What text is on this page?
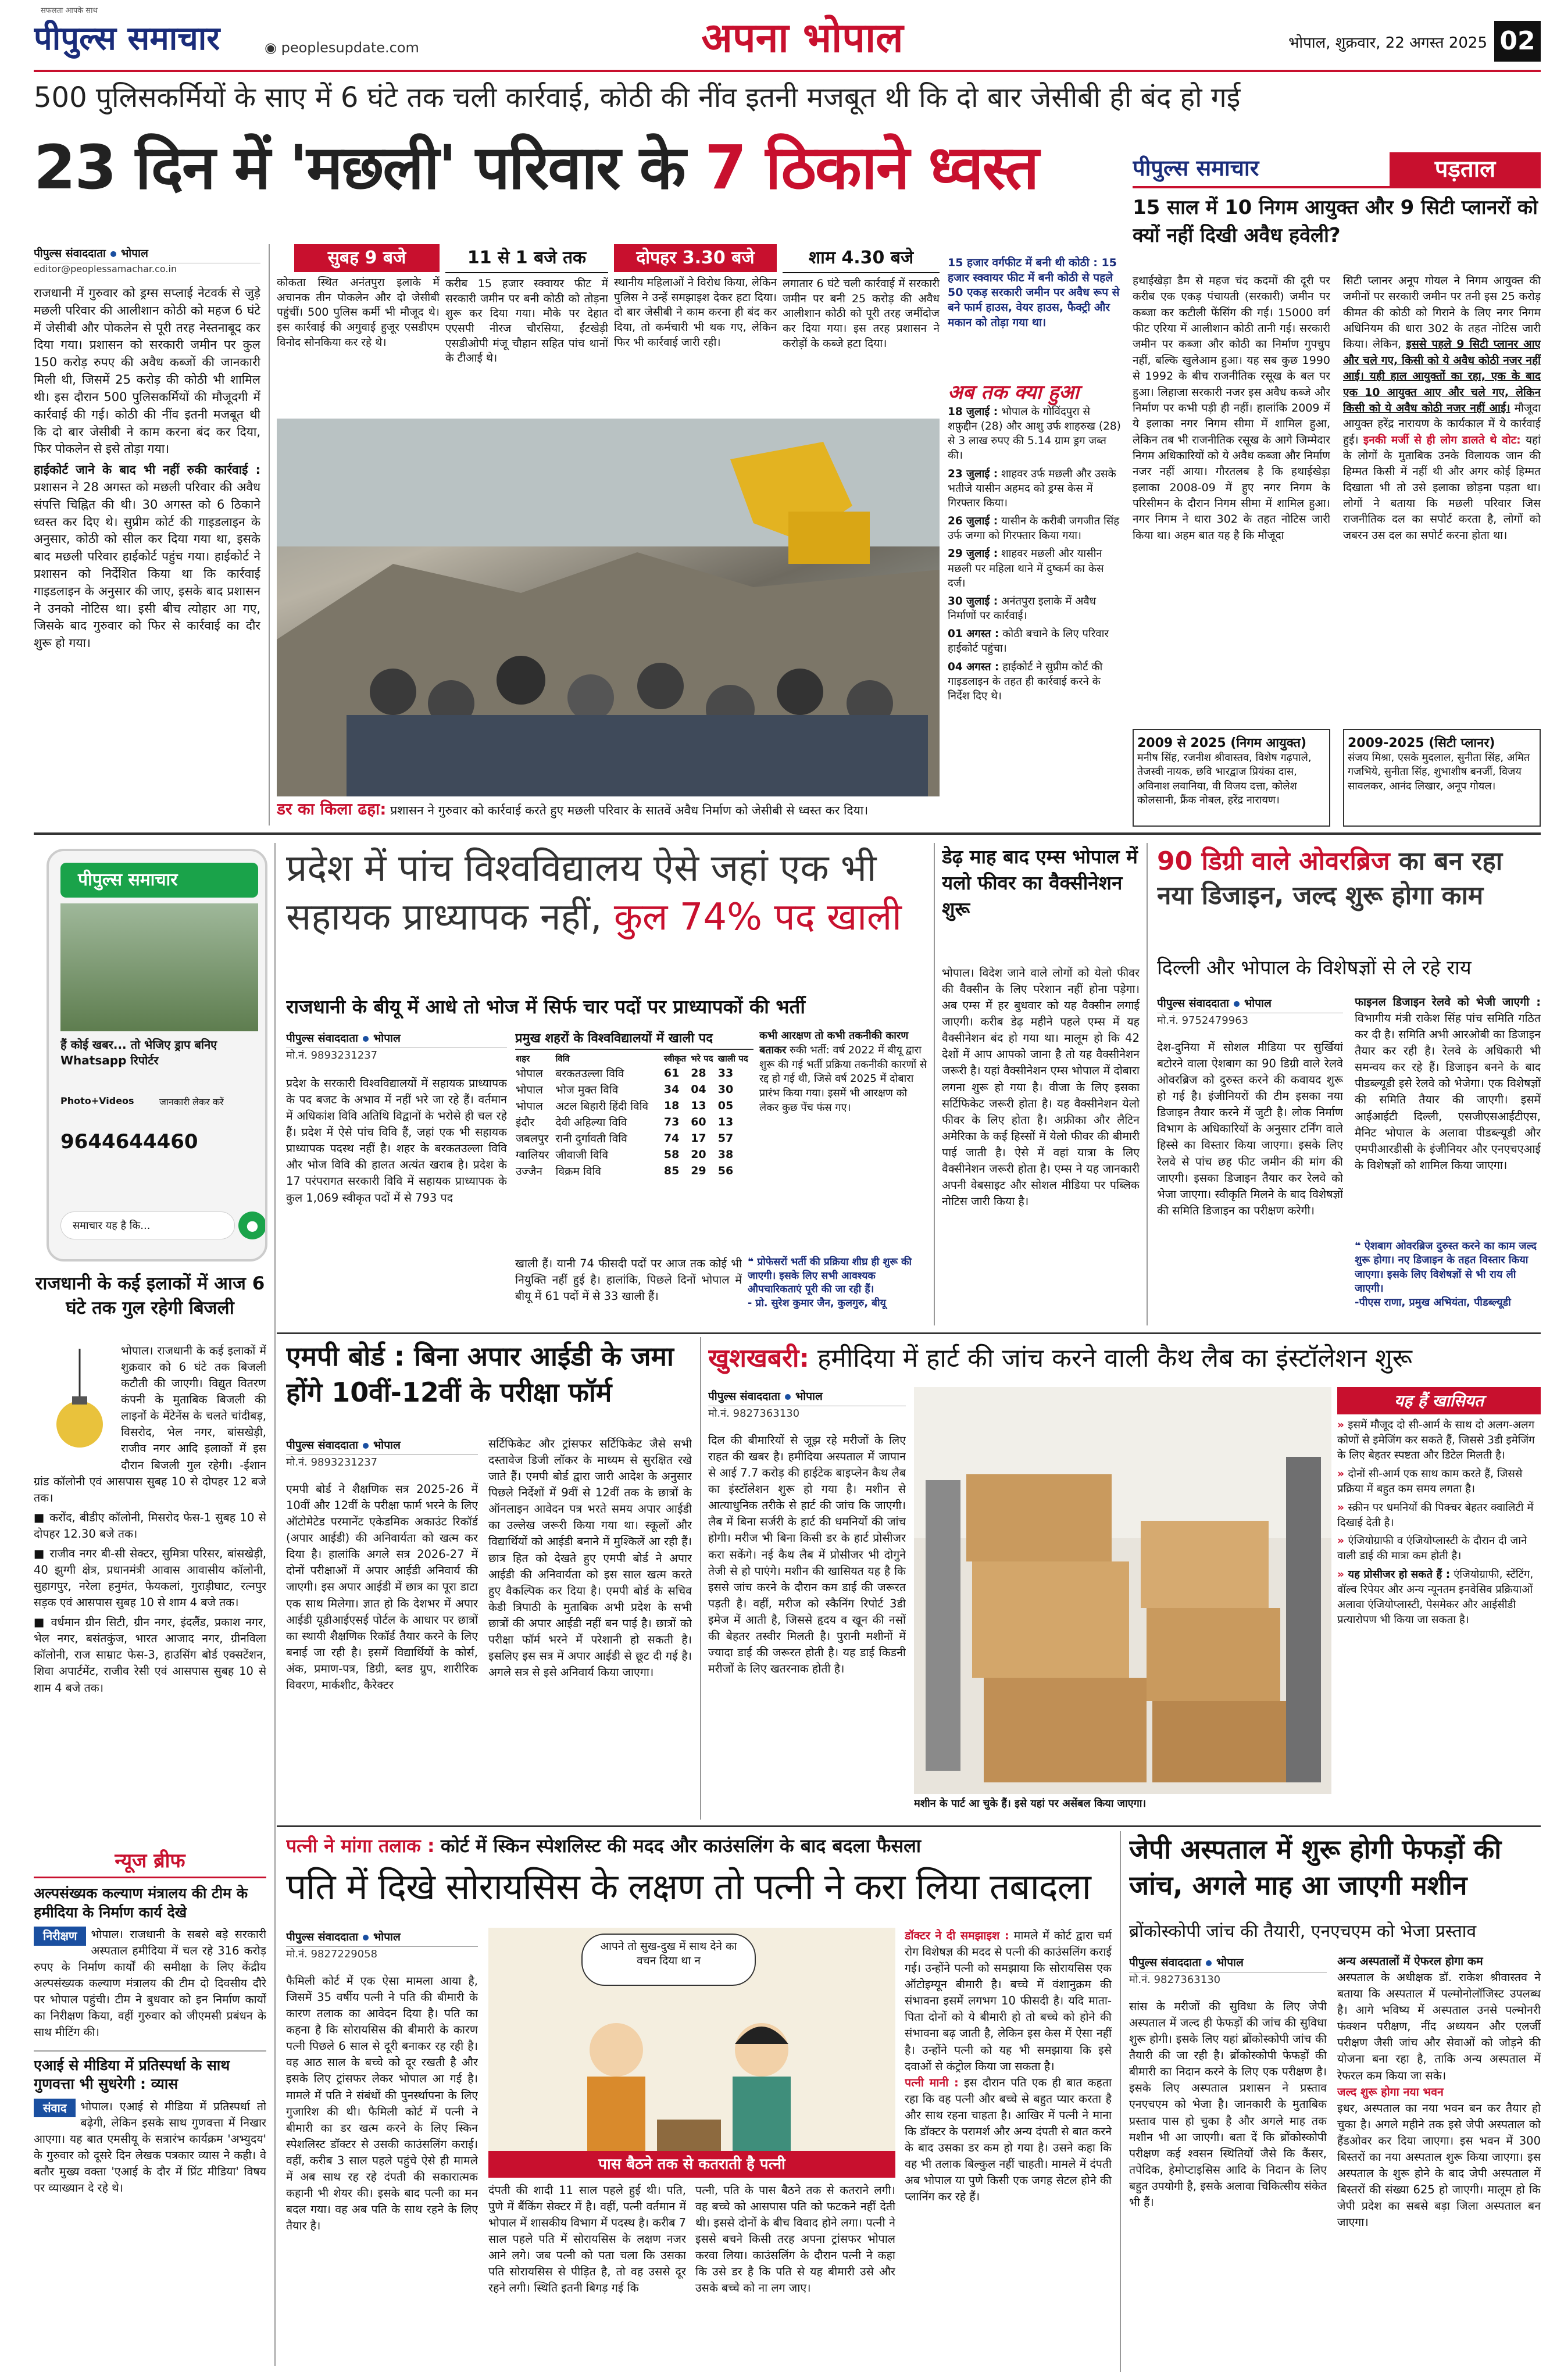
सफलता आपके साथ
पीपुल्स समाचार	◉ peoplesupdate.com	अपना भोपाल	भोपाल, शुक्रवार, 22 अगस्त 2025 02
500 पुलिसकर्मियों के साए में 6 घंटे तक चली कार्रवाई, कोठी की नींव इतनी मजबूत थी कि दो बार जेसीबी ही बंद हो गई
23 दिन में 'मछली' परिवार के 7 ठिकाने ध्वस्त
पीपुल्स संवाददाता भोपाल
editor@peoplessamachar.co.in

राजधानी में गुरुवार को ड्रग्स सप्लाई नेटवर्क से जुड़े मछली परिवार की आलीशान कोठी को महज 6 घंटे में जेसीबी और पोकलेन से पूरी तरह नेस्तनाबूद कर दिया गया। प्रशासन को सरकारी जमीन पर कुल 150 करोड़ रुपए की अवैध कब्जों की जानकारी मिली थी, जिसमें 25 करोड़ की कोठी भी शामिल थी। इस दौरान 500 पुलिसकर्मियों की मौजूदगी में कार्रवाई की गई। कोठी की नींव इतनी मजबूत थी कि दो बार जेसीबी ने काम करना बंद कर दिया, फिर पोकलेन से इसे तोड़ा गया।

हाईकोर्ट जाने के बाद भी नहीं रुकी कार्रवाई : प्रशासन ने 28 अगस्त को मछली परिवार की अवैध संपत्ति चिह्नित की थी। 30 अगस्त को 6 ठिकाने ध्वस्त कर दिए थे। सुप्रीम कोर्ट की गाइडलाइन के अनुसार, कोठी को सील कर दिया गया था, इसके बाद मछली परिवार हाईकोर्ट पहुंच गया। हाईकोर्ट ने प्रशासन को निर्देशित किया था कि कार्रवाई गाइडलाइन के अनुसार की जाए, इसके बाद प्रशासन ने उनको नोटिस था। इसी बीच त्योहार आ गए, जिसके बाद गुरुवार को फिर से कार्रवाई का दौर शुरू हो गया।

सुबह 9 बजे
कोकता स्थित अनंतपुरा इलाके में अचानक तीन पोकलेन और दो जेसीबी पहुंचीं। 500 पुलिस कर्मी भी मौजूद थे। इस कार्रवाई की अगुवाई हुजूर एसडीएम विनोद सोनकिया कर रहे थे।
11 से 1 बजे तक
करीब 15 हजार स्क्वायर फीट में सरकारी जमीन पर बनी कोठी को तोड़ना शुरू कर दिया गया। मौके पर देहात एएसपी नीरज चौरसिया, ईंटखेड़ी एसडीओपी मंजू चौहान सहित पांच थानों के टीआई थे।
दोपहर 3.30 बजे
स्थानीय महिलाओं ने विरोध किया, लेकिन पुलिस ने उन्हें समझाइश देकर हटा दिया। दो बार जेसीबी ने काम करना ही बंद कर दिया, तो कर्मचारी भी थक गए, लेकिन फिर भी कार्रवाई जारी रही।
शाम 4.30 बजे
लगातार 6 घंटे चली कार्रवाई में सरकारी जमीन पर बनी 25 करोड़ की अवैध आलीशान कोठी को पूरी तरह जमींदोज कर दिया गया। इस तरह प्रशासन ने करोड़ों के कब्जे हटा दिया।
15 हजार वर्गफीट में बनी थी कोठी : 15 हजार स्क्वायर फीट में बनी कोठी से पहले 50 एकड़ सरकारी जमीन पर अवैध रूप से बने फार्म हाउस, वेयर हाउस, फैक्ट्री और मकान को तोड़ा गया था।
अब तक क्या हुआ

18 जुलाई : भोपाल के गोविंदपुरा से शफ़ुद्दीन (28) और आशु उर्फ शाहरुख (28) से 3 लाख रुपए की 5.14 ग्राम ड्रग जब्त की।

23 जुलाई : शाहवर उर्फ मछली और उसके भतीजे यासीन अहमद को ड्रग्स केस में गिरफ्तार किया।

26 जुलाई : यासीन के करीबी जगजीत सिंह उर्फ जग्गा को गिरफ्तार किया गया।

29 जुलाई : शाहवर मछली और यासीन मछली पर महिला थाने में दुष्कर्म का केस दर्ज।

30 जुलाई : अनंतपुरा इलाके में अवैध निर्माणों पर कार्रवाई।

01 अगस्त : कोठी बचाने के लिए परिवार हाईकोर्ट पहुंचा।

04 अगस्त : हाईकोर्ट ने सुप्रीम कोर्ट की गाइडलाइन के तहत ही कार्रवाई करने के निर्देश दिए थे।

डर का किला ढहा: प्रशासन ने गुरुवार को कार्रवाई करते हुए मछली परिवार के सातवें अवैध निर्माण को जेसीबी से ध्वस्त कर दिया।
पीपुल्स समाचार	पड़ताल
15 साल में 10 निगम आयुक्त और 9 सिटी प्लानरों को क्यों नहीं दिखी अवैध हवेली?
हथाईखेड़ा डैम से महज चंद कदमों की दूरी पर करीब एक एकड़ पंचायती (सरकारी) जमीन पर कब्जा कर कटीली फेंसिंग की गई। 15000 वर्ग फीट एरिया में आलीशान कोठी तानी गई। सरकारी जमीन पर कब्जा और कोठी का निर्माण गुपचुप नहीं, बल्कि खुलेआम हुआ। यह सब कुछ 1990 से 1992 के बीच राजनीतिक रसूख के बल पर हुआ। लिहाजा सरकारी नजर इस अवैध कब्जे और निर्माण पर कभी पड़ी ही नहीं। हालांकि 2009 में ये इलाका नगर निगम सीमा में शामिल हुआ, लेकिन तब भी राजनीतिक रसूख के आगे जिम्मेदार निगम अधिकारियों को ये अवैध कब्जा और निर्माण नजर नहीं आया। गौरतलब है कि हथाईखेड़ा इलाका 2008-09 में हुए नगर निगम के परिसीमन के दौरान निगम सीमा में शामिल हुआ। नगर निगम ने धारा 302 के तहत नोटिस जारी किया था। अहम बात यह है कि मौजूदा
सिटी प्लानर अनूप गोयल ने निगम आयुक्त की जमीनों पर सरकारी जमीन पर तनी इस 25 करोड़ कीमत की कोठी को गिराने के लिए नगर निगम अधिनियम की धारा 302 के तहत नोटिस जारी किया। लेकिन, इससे पहले 9 सिटी प्लानर आए और चले गए, किसी को ये अवैध कोठी नजर नहीं आई। यही हाल आयुक्तों का रहा, एक के बाद एक 10 आयुक्त आए और चले गए, लेकिन किसी को ये अवैध कोठी नजर नहीं आई। मौजूदा आयुक्त हरेंद्र नारायण के कार्यकाल में ये कार्रवाई हुई। इनकी मर्जी से ही लोग डालते थे वोट: यहां के लोगों के मुताबिक उनके विलायक जान की हिम्मत किसी में नहीं थी और अगर कोई हिम्मत दिखाता भी तो उसे इलाका छोड़ना पड़ता था। लोगों ने बताया कि मछली परिवार जिस राजनीतिक दल का सपोर्ट करता है, लोगों को जबरन उस दल का सपोर्ट करना होता था।
2009 से 2025 (निगम आयुक्त)
मनीष सिंह, रजनीश श्रीवास्तव, विशेष गढ़पाले, तेजस्वी नायक, छवि भारद्वाज प्रियंका दास, अविनाश लवानिया, वी विजय दत्ता, कोलेश कोलसानी, फ्रैंक नोबल, हरेंद्र नारायण।
2009-2025 (सिटी प्लानर)
संजय मिश्रा, एसके मुदलाल, सुनीता सिंह, अमित गजभिये, सुनीता सिंह, शुभाशीष बनर्जी, विजय सावलकर, आनंद लिखार, अनूप गोयल।
पीपुल्स समाचार
हैं कोई खबर... तो भेजिए ड्राप बनिए Whatsapp रिपोर्टर
Photo+Videos	जानकारी लेकर करें
9644644460
समाचार यह है कि...	●
राजधानी के कई इलाकों में आज 6 घंटे तक गुल रहेगी बिजली

भोपाल। राजधानी के कई इलाकों में शुक्रवार को 6 घंटे तक बिजली कटौती की जाएगी। विद्युत वितरण कंपनी के मुताबिक बिजली की लाइनों के मेंटेनेंस के चलते चांदीबड़, विसरोद, भेल नगर, बांसखेड़ी, राजीव नगर आदि इलाकों में इस दौरान बिजली गुल रहेगी। -ईशान ग्रांड कॉलोनी एवं आसपास सुबह 10 से दोपहर 12 बजे तक।

■ करोंद, बीडीए कॉलोनी, मिसरोद फेस-1 सुबह 10 से दोपहर 12.30 बजे तक।

■ राजीव नगर बी-सी सेक्टर, सुमित्रा परिसर, बांसखेड़ी, 40 झुग्गी क्षेत्र, प्रधानमंत्री आवास आवासीय कॉलोनी, सुहागपुर, नरेला हनुमंत, फेयकलां, गुराड़ीघाट, रत्नपुर सड़क एवं आसपास सुबह 10 से शाम 4 बजे तक।

■ वर्धमान ग्रीन सिटी, ग्रीन नगर, इंदलैंड, प्रकाश नगर, भेल नगर, बसंतकुंज, भारत आजाद नगर, ग्रीनविला कॉलोनी, राज साम्राट फेस-3, हाउसिंग बोर्ड एक्सटेंशन, शिवा अपार्टमेंट, राजीव रेसी एवं आसपास सुबह 10 से शाम 4 बजे तक।

न्यूज ब्रीफ
अल्पसंख्यक कल्याण मंत्रालय की टीम के हमीदिया के निर्माण कार्य देखे
निरीक्षण	भोपाल। राजधानी के सबसे बड़े सरकारी अस्पताल हमीदिया में चल रहे 316 करोड़ रुपए के निर्माण कार्यों की समीक्षा के लिए केंद्रीय अल्पसंख्यक कल्याण मंत्रालय की टीम दो दिवसीय दौरे पर भोपाल पहुंची। टीम ने बुधवार को इन निर्माण कार्यों का निरीक्षण किया, वहीं गुरुवार को जीएमसी प्रबंधन के साथ मीटिंग की।
एआई से मीडिया में प्रतिस्पर्धा के साथ गुणवत्ता भी सुधरेगी : व्यास
संवाद	भोपाल। एआई से मीडिया में प्रतिस्पर्धा तो बढ़ेगी, लेकिन इसके साथ गुणवत्ता में निखार आएगा। यह बात एमसीयू के सत्रारंभ कार्यक्रम 'अभ्युदय' के गुरुवार को दूसरे दिन लेखक पत्रकार व्यास ने कही। वे बतौर मुख्य वक्ता 'एआई के दौर में प्रिंट मीडिया' विषय पर व्याख्यान दे रहे थे।
प्रदेश में पांच विश्वविद्यालय ऐसे जहां एक भी सहायक प्राध्यापक नहीं, कुल 74% पद खाली
राजधानी के बीयू में आधे तो भोज में सिर्फ चार पदों पर प्राध्यापकों की भर्ती
पीपुल्स संवाददाता भोपाल
मो.नं. 9893231237
प्रदेश के सरकारी विश्वविद्यालयों में सहायक प्राध्यापक के पद बजट के अभाव में नहीं भरे जा रहे हैं। वर्तमान में अधिकांश विवि अतिथि विद्वानों के भरोसे ही चल रहे हैं। प्रदेश में ऐसे पांच विवि हैं, जहां एक भी सहायक प्राध्यापक पदस्थ नहीं है। शहर के बरकतउल्ला विवि और भोज विवि की हालत अत्यंत खराब है। प्रदेश के 17 परंपरागत सरकारी विवि में सहायक प्राध्यापक के कुल 1,069 स्वीकृत पदों में से 793 पद
प्रमुख शहरों के विश्वविद्यालयों में खाली पद
शहर	विवि	स्वीकृत	भरे पद	खाली पद
भोपाल	बरकतउल्ला विवि	61	28	33
भोपाल	भोज मुक्त विवि	34	04	30
भोपाल	अटल बिहारी हिंदी विवि	18	13	05
इंदौर	देवी अहिल्या विवि	73	60	13
जबलपुर	रानी दुर्गावती विवि	74	17	57
ग्वालियर	जीवाजी विवि	58	20	38
उज्जैन	विक्रम विवि	85	29	56
कभी आरक्षण तो कभी तकनीकी कारण बताकर रुकी भर्ती: वर्ष 2022 में बीयू द्वारा शुरू की गई भर्ती प्रक्रिया तकनीकी कारणों से रद्द हो गई थी, जिसे वर्ष 2025 में दोबारा प्रारंभ किया गया। इसमें भी आरक्षण को लेकर कुछ पेंच फंस गए।
खाली हैं। यानी 74 फीसदी पदों पर आज तक कोई भी नियुक्ति नहीं हुई है। हालांकि, पिछले दिनों भोपाल में बीयू में 61 पदों में से 33 खाली हैं।
❝ प्रोफेसरों भर्ती की प्रक्रिया शीघ्र ही शुरू की जाएगी। इसके लिए सभी आवश्यक औपचारिकताएं पूरी की जा रही हैं।
- प्रो. सुरेश कुमार जैन, कुलगुरु, बीयू
डेढ़ माह बाद एम्स भोपाल में यलो फीवर का वैक्सीनेशन शुरू
भोपाल। विदेश जाने वाले लोगों को येलो फीवर की वैक्सीन के लिए परेशान नहीं होना पड़ेगा। अब एम्स में हर बुधवार को यह वैक्सीन लगाई जाएगी। करीब डेढ़ महीने पहले एम्स में यह वैक्सीनेशन बंद हो गया था। मालूम हो कि 42 देशों में आप आपको जाना है तो यह वैक्सीनेशन जरूरी है। यहां वैक्सीनेशन एम्स भोपाल में दोबारा लगना शुरू हो गया है। वीजा के लिए इसका सर्टिफिकेट जरूरी होता है। यह वैक्सीनेशन येलो फीवर के लिए होता है। अफ्रीका और लैटिन अमेरिका के कई हिस्सों में येलो फीवर की बीमारी पाई जाती है। ऐसे में वहां यात्रा के लिए वैक्सीनेशन जरूरी होता है। एम्स ने यह जानकारी अपनी वेबसाइट और सोशल मीडिया पर पब्लिक नोटिस जारी किया है।
90 डिग्री वाले ओवरब्रिज का बन रहा नया डिजाइन, जल्द शुरू होगा काम
दिल्ली और भोपाल के विशेषज्ञों से ले रहे राय
पीपुल्स संवाददाता भोपाल
मो.नं. 9752479963
देश-दुनिया में सोशल मीडिया पर सुर्खियां बटोरने वाला ऐशबाग का 90 डिग्री वाले रेलवे ओवरब्रिज को दुरुस्त करने की कवायद शुरू हो गई है। इंजीनियरों की टीम इसका नया डिजाइन तैयार करने में जुटी है। लोक निर्माण विभाग के अधिकारियों के अनुसार टर्निंग वाले हिस्से का विस्तार किया जाएगा। इसके लिए रेलवे से पांच छह फीट जमीन की मांग की जाएगी। इसका डिजाइन तैयार कर रेलवे को भेजा जाएगा। स्वीकृति मिलने के बाद विशेषज्ञों की समिति डिजाइन का परीक्षण करेगी।
फाइनल डिजाइन रेलवे को भेजी जाएगी : विभागीय मंत्री राकेश सिंह पांच समिति गठित कर दी है। समिति अभी आरओबी का डिजाइन तैयार कर रही है। रेलवे के अधिकारी भी समन्वय कर रहे हैं। डिजाइन बनने के बाद पीडब्ल्यूडी इसे रेलवे को भेजेगा। एक विशेषज्ञों की समिति तैयार की जाएगी। इसमें आईआईटी दिल्ली, एसजीएसआईटीएस, मैनिट भोपाल के अलावा पीडब्ल्यूडी और एमपीआरडीसी के इंजीनियर और एनएचएआई के विशेषज्ञों को शामिल किया जाएगा।
❝ ऐशबाग ओवरब्रिज दुरुस्त करने का काम जल्द शुरू होगा। नए डिजाइन के तहत विस्तार किया जाएगा। इसके लिए विशेषज्ञों से भी राय ली जाएगी।
-पीएस राणा, प्रमुख अभियंता, पीडब्ल्यूडी
एमपी बोर्ड : बिना अपार आईडी के जमा होंगे 10वीं-12वीं के परीक्षा फॉर्म
पीपुल्स संवाददाता भोपाल
मो.नं. 9893231237
एमपी बोर्ड ने शैक्षणिक सत्र 2025-26 में 10वीं और 12वीं के परीक्षा फार्म भरने के लिए ऑटोमेटेड परमानेंट एकेडमिक अकाउंट रिकॉर्ड (अपार आईडी) की अनिवार्यता को खत्म कर दिया है। हालांकि अगले सत्र 2026-27 में दोनों परीक्षाओं में अपार आईडी अनिवार्य की जाएगी। इस अपार आईडी में छात्र का पूरा डाटा एक साथ मिलेगा। ज्ञात हो कि देशभर में अपार आईडी यूडीआईएसई पोर्टल के आधार पर छात्रों का स्थायी शैक्षणिक रिकॉर्ड तैयार करने के लिए बनाई जा रही है। इसमें विद्यार्थियों के कोर्स, अंक, प्रमाण-पत्र, डिग्री, ब्लड ग्रुप, शारीरिक विवरण, मार्कशीट, कैरेक्टर
सर्टिफिकेट और ट्रांसफर सर्टिफिकेट जैसे सभी दस्तावेज डिजी लॉकर के माध्यम से सुरक्षित रखे जाते हैं। एमपी बोर्ड द्वारा जारी आदेश के अनुसार पिछले निर्देशों में 9वीं से 12वीं तक के छात्रों के ऑनलाइन आवेदन पत्र भरते समय अपार आईडी का उल्लेख जरूरी किया गया था। स्कूलों और विद्यार्थियों को आईडी बनाने में मुश्किलें आ रही हैं। छात्र हित को देखते हुए एमपी बोर्ड ने अपार आईडी की अनिवार्यता को इस साल खत्म करते हुए वैकल्पिक कर दिया है। एमपी बोर्ड के सचिव केडी त्रिपाठी के मुताबिक अभी प्रदेश के सभी छात्रों की अपार आईडी नहीं बन पाई है। छात्रों को परीक्षा फॉर्म भरने में परेशानी हो सकती है। इसलिए इस सत्र में अपार आईडी से छूट दी गई है। अगले सत्र से इसे अनिवार्य किया जाएगा।
खुशखबरी: हमीदिया में हार्ट की जांच करने वाली कैथ लैब का इंस्टॉलेशन शुरू
पीपुल्स संवाददाता भोपाल
मो.नं. 9827363130
दिल की बीमारियों से जूझ रहे मरीजों के लिए राहत की खबर है। हमीदिया अस्पताल में जापान से आई 7.7 करोड़ की हाईटेक बाइप्लेन कैथ लैब का इंस्टॉलेशन शुरू हो गया है। मशीन से आत्याधुनिक तरीके से हार्ट की जांच कि जाएगी। लैब में बिना सर्जरी के हार्ट की धमनियों की जांच होगी। मरीज भी बिना किसी डर के हार्ट प्रोसीजर करा सकेंगे। नई कैथ लैब में प्रोसीजर भी दोगुने तेजी से हो पाएंगे। मशीन की खासियत यह है कि इससे जांच करने के दौरान कम डाई की जरूरत पड़ती है। वहीं, मरीज को स्कैनिंग रिपोर्ट 3डी इमेज में आती है, जिससे हृदय व खून की नसों की बेहतर तस्वीर मिलती है। पुरानी मशीनों में ज्यादा डाई की जरूरत होती है। यह डाई किडनी मरीजों के लिए खतरनाक होती है।
मशीन के पार्ट आ चुके हैं। इसे यहां पर असेंबल किया जाएगा।
यह हैं खासियत

» इसमें मौजूद दो सी-आर्म के साथ दो अलग-अलग कोणों से इमेजिंग कर सकते हैं, जिससे 3डी इमेजिंग के लिए बेहतर स्पष्टता और डिटेल मिलती है।

» दोनों सी-आर्म एक साथ काम करते हैं, जिससे प्रक्रिया में बहुत कम समय लगता है।

» स्क्रीन पर धमनियों की पिक्चर बेहतर क्वालिटी में दिखाई देती है।

» एंजियोग्राफी व एंजियोप्लास्टी के दौरान दी जाने वाली डाई की मात्रा कम होती है।

» यह प्रोसीजर हो सकते हैं : एंजियोग्राफी, स्टेंटिंग, वॉल्व रिपेयर और अन्य न्यूनतम इनवेसिव प्रक्रियाओं अलावा एंजियोप्लास्टी, पेसमेकर और आईसीडी प्रत्यारोपण भी किया जा सकता है।

पत्नी ने मांगा तलाक : कोर्ट में स्किन स्पेशलिस्ट की मदद और काउंसलिंग के बाद बदला फैसला
पति में दिखे सोरायसिस के लक्षण तो पत्नी ने करा लिया तबादला
पीपुल्स संवाददाता भोपाल
मो.नं. 9827229058
फैमिली कोर्ट में एक ऐसा मामला आया है, जिसमें 35 वर्षीय पत्नी ने पति की बीमारी के कारण तलाक का आवेदन दिया है। पति का कहना है कि सोरायसिस की बीमारी के कारण पत्नी पिछले 6 साल से दूरी बनाकर रह रही है। वह आठ साल के बच्चे को दूर रखती है और इसके लिए ट्रांसफर लेकर भोपाल आ गई है। मामले में पति ने संबंधों की पुनर्स्थापना के लिए गुजारिश की थी। फैमिली कोर्ट में पत्नी ने बीमारी का डर खत्म करने के लिए स्किन स्पेशलिस्ट डॉक्टर से उसकी काउंसलिंग कराई। वहीं, करीब 3 साल पहले पहुंचे ऐसे ही मामले में अब साथ रह रहे दंपती की सकारात्मक कहानी भी शेयर की। इसके बाद पत्नी का मन बदल गया। वह अब पति के साथ रहने के लिए तैयार है।
आपने तो सुख-दुख में साथ देने का वचन दिया था न
पास बैठने तक से कतराती है पत्नी
दंपती की शादी 11 साल पहले हुई थी। पति, पुणे में बैंकिंग सेक्टर में है। वहीं, पत्नी वर्तमान में भोपाल में शासकीय विभाग में पदस्थ है। करीब 7 साल पहले पति में सोरायसिस के लक्षण नजर आने लगे। जब पत्नी को पता चला कि उसका पति सोरायसिस से पीड़ित है, तो वह उससे दूर रहने लगी। स्थिति इतनी बिगड़ गई कि
पत्नी, पति के पास बैठने तक से कतराने लगी। वह बच्चे को आसपास पति को फटकने नहीं देती थी। इससे दोनों के बीच विवाद होने लगा। पत्नी ने इससे बचने किसी तरह अपना ट्रांसफर भोपाल करवा लिया। काउंसलिंग के दौरान पत्नी ने कहा कि उसे डर है कि पति से यह बीमारी उसे और उसके बच्चे को ना लग जाए।
डॉक्टर ने दी समझाइश : मामले में कोर्ट द्वारा चर्म रोग विशेषज्ञ की मदद से पत्नी की काउंसलिंग कराई गई। उन्होंने पत्नी को समझाया कि सोरायसिस एक ऑटोइम्यून बीमारी है। बच्चे में वंशानुक्रम की संभावना इसमें लगभग 10 फीसदी है। यदि माता-पिता दोनों को ये बीमारी हो तो बच्चे को होने की संभावना बढ़ जाती है, लेकिन इस केस में ऐसा नहीं है। उन्होंने पत्नी को यह भी समझाया कि इसे दवाओं से कंट्रोल किया जा सकता है।
पत्नी मानी : इस दौरान पति एक ही बात कहता रहा कि वह पत्नी और बच्चे से बहुत प्यार करता है और साथ रहना चाहता है। आखिर में पत्नी ने माना कि डॉक्टर के परामर्श और अन्य दंपती से बात करने के बाद उसका डर कम हो गया है। उसने कहा कि वह भी तलाक बिल्कुल नहीं चाहती। मामले में दंपती अब भोपाल या पुणे किसी एक जगह सेटल होने की प्लानिंग कर रहे हैं।
जेपी अस्पताल में शुरू होगी फेफड़ों की जांच, अगले माह आ जाएगी मशीन
ब्रोंकोस्कोपी जांच की तैयारी, एनएचएम को भेजा प्रस्ताव
पीपुल्स संवाददाता भोपाल
मो.नं. 9827363130
सांस के मरीजों की सुविधा के लिए जेपी अस्पताल में जल्द ही फेफड़ों की जांच की सुविधा शुरू होगी। इसके लिए यहां ब्रोंकोस्कोपी जांच की तैयारी की जा रही है। ब्रोंकोस्कोपी फेफड़ों की बीमारी का निदान करने के लिए एक परीक्षण है। इसके लिए अस्पताल प्रशासन ने प्रस्ताव एनएचएम को भेजा है। जानकारी के मुताबिक प्रस्ताव पास हो चुका है और अगले माह तक मशीन भी आ जाएगी। बता दें कि ब्रोंकोस्कोपी परीक्षण कई श्वसन स्थितियों जैसे कि कैंसर, तपेदिक, हेमोप्टाइसिस आदि के निदान के लिए बहुत उपयोगी है, इसके अलावा चिकित्सीय संकेत भी हैं।
अन्य अस्पतालों में ऐफरल होगा कम
अस्पताल के अधीक्षक डॉ. राकेश श्रीवास्तव ने बताया कि अस्पताल में पल्मोनोलॉजिस्ट उपलब्ध है। आगे भविष्य में अस्पताल उनसे पल्मोनरी फंक्शन परीक्षण, नींद अध्ययन और एलर्जी परीक्षण जैसी जांच और सेवाओं को जोड़ने की योजना बना रहा है, ताकि अन्य अस्पताल में रेफरल कम किया जा सके।
जल्द शुरू होगा नया भवन
इधर, अस्पताल का नया भवन बन कर तैयार हो चुका है। अगले महीने तक इसे जेपी अस्पताल को हैंडओवर कर दिया जाएगा। इस भवन में 300 बिस्तरों का नया अस्पताल शुरू किया जाएगा। इस अस्पताल के शुरू होने के बाद जेपी अस्पताल में बिस्तरों की संख्या 625 हो जाएगी। मालूम हो कि जेपी प्रदेश का सबसे बड़ा जिला अस्पताल बन जाएगा।
